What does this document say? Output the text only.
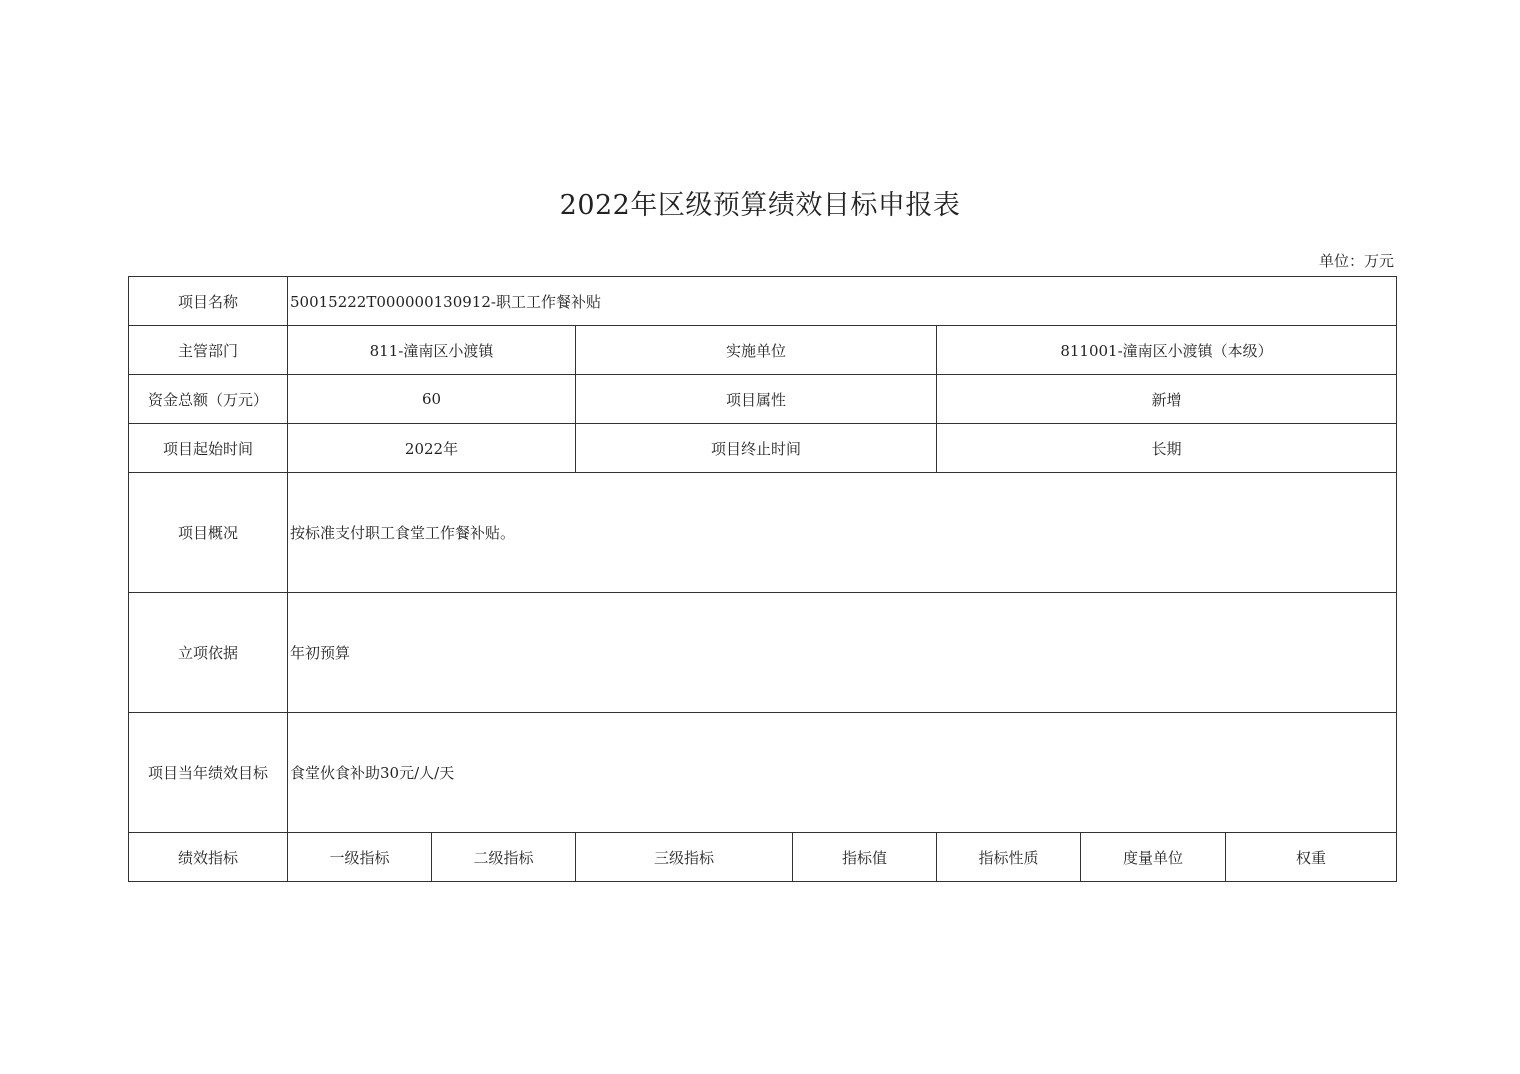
2022年区级预算绩效目标申报表
单位：万元
项目名称	50015222T000000130912-职工工作餐补贴						
主管部门	811-潼南区小渡镇		实施单位		811001-潼南区小渡镇（本级）		
资金总额（万元）	60		项目属性		新增		
项目起始时间	2022年		项目终止时间		长期		
项目概况	按标准支付职工食堂工作餐补贴。						
立项依据	年初预算						
项目当年绩效目标	食堂伙食补助30元/人/天						
绩效指标	一级指标	二级指标	三级指标	指标值	指标性质	度量单位	权重
